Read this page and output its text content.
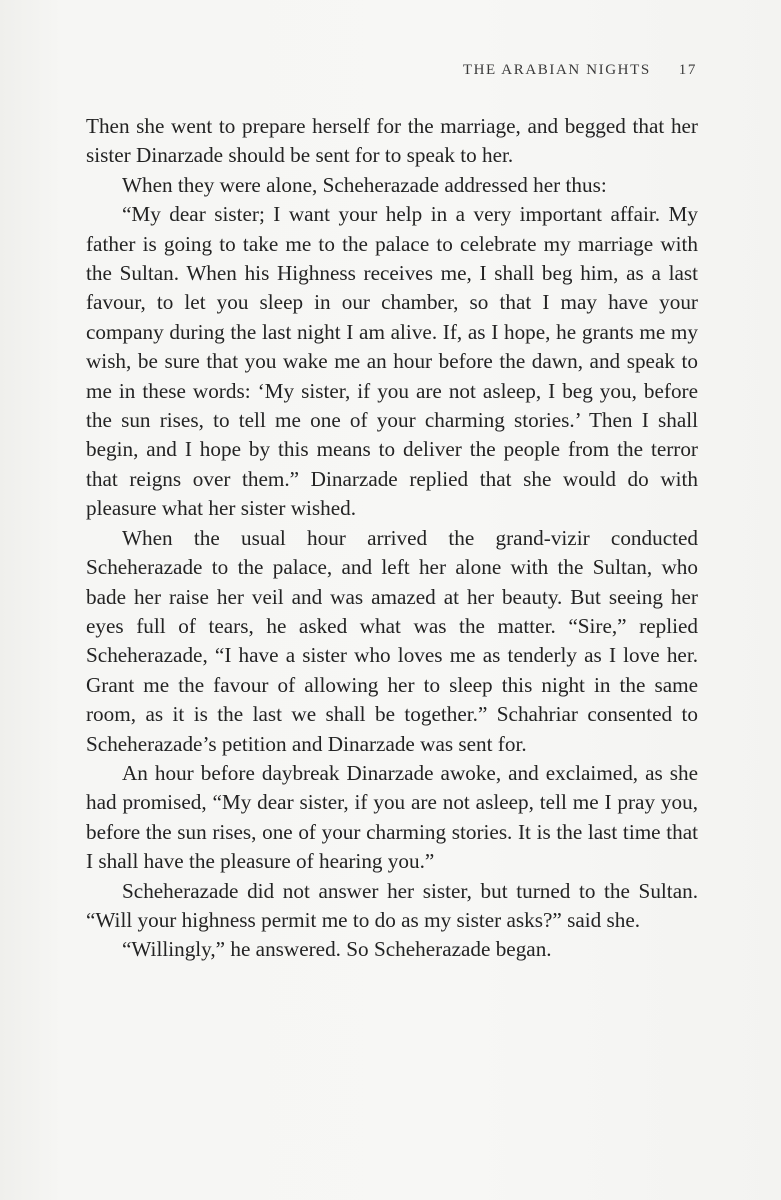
THE ARABIAN NIGHTS 17

Then she went to prepare herself for the marriage, and begged that her sister Dinarzade should be sent for to speak to her.

When they were alone, Scheherazade addressed her thus:

“My dear sister; I want your help in a very important affair. My father is going to take me to the palace to celebrate my marriage with the Sultan. When his Highness receives me, I shall beg him, as a last favour, to let you sleep in our chamber, so that I may have your company during the last night I am alive. If, as I hope, he grants me my wish, be sure that you wake me an hour before the dawn, and speak to me in these words: ‘My sister, if you are not asleep, I beg you, before the sun rises, to tell me one of your charming stories.’ Then I shall begin, and I hope by this means to deliver the people from the terror that reigns over them.” Dinarzade replied that she would do with pleasure what her sister wished.

When the usual hour arrived the grand-vizir conducted Scheherazade to the palace, and left her alone with the Sultan, who bade her raise her veil and was amazed at her beauty. But seeing her eyes full of tears, he asked what was the matter. “Sire,” replied Scheherazade, “I have a sister who loves me as tenderly as I love her. Grant me the favour of allowing her to sleep this night in the same room, as it is the last we shall be together.” Schahriar consented to Scheherazade’s petition and Dinarzade was sent for.

An hour before daybreak Dinarzade awoke, and exclaimed, as she had promised, “My dear sister, if you are not asleep, tell me I pray you, before the sun rises, one of your charming stories. It is the last time that I shall have the pleasure of hearing you.”

Scheherazade did not answer her sister, but turned to the Sultan. “Will your highness permit me to do as my sister asks?” said she.

“Willingly,” he answered. So Scheherazade began.
